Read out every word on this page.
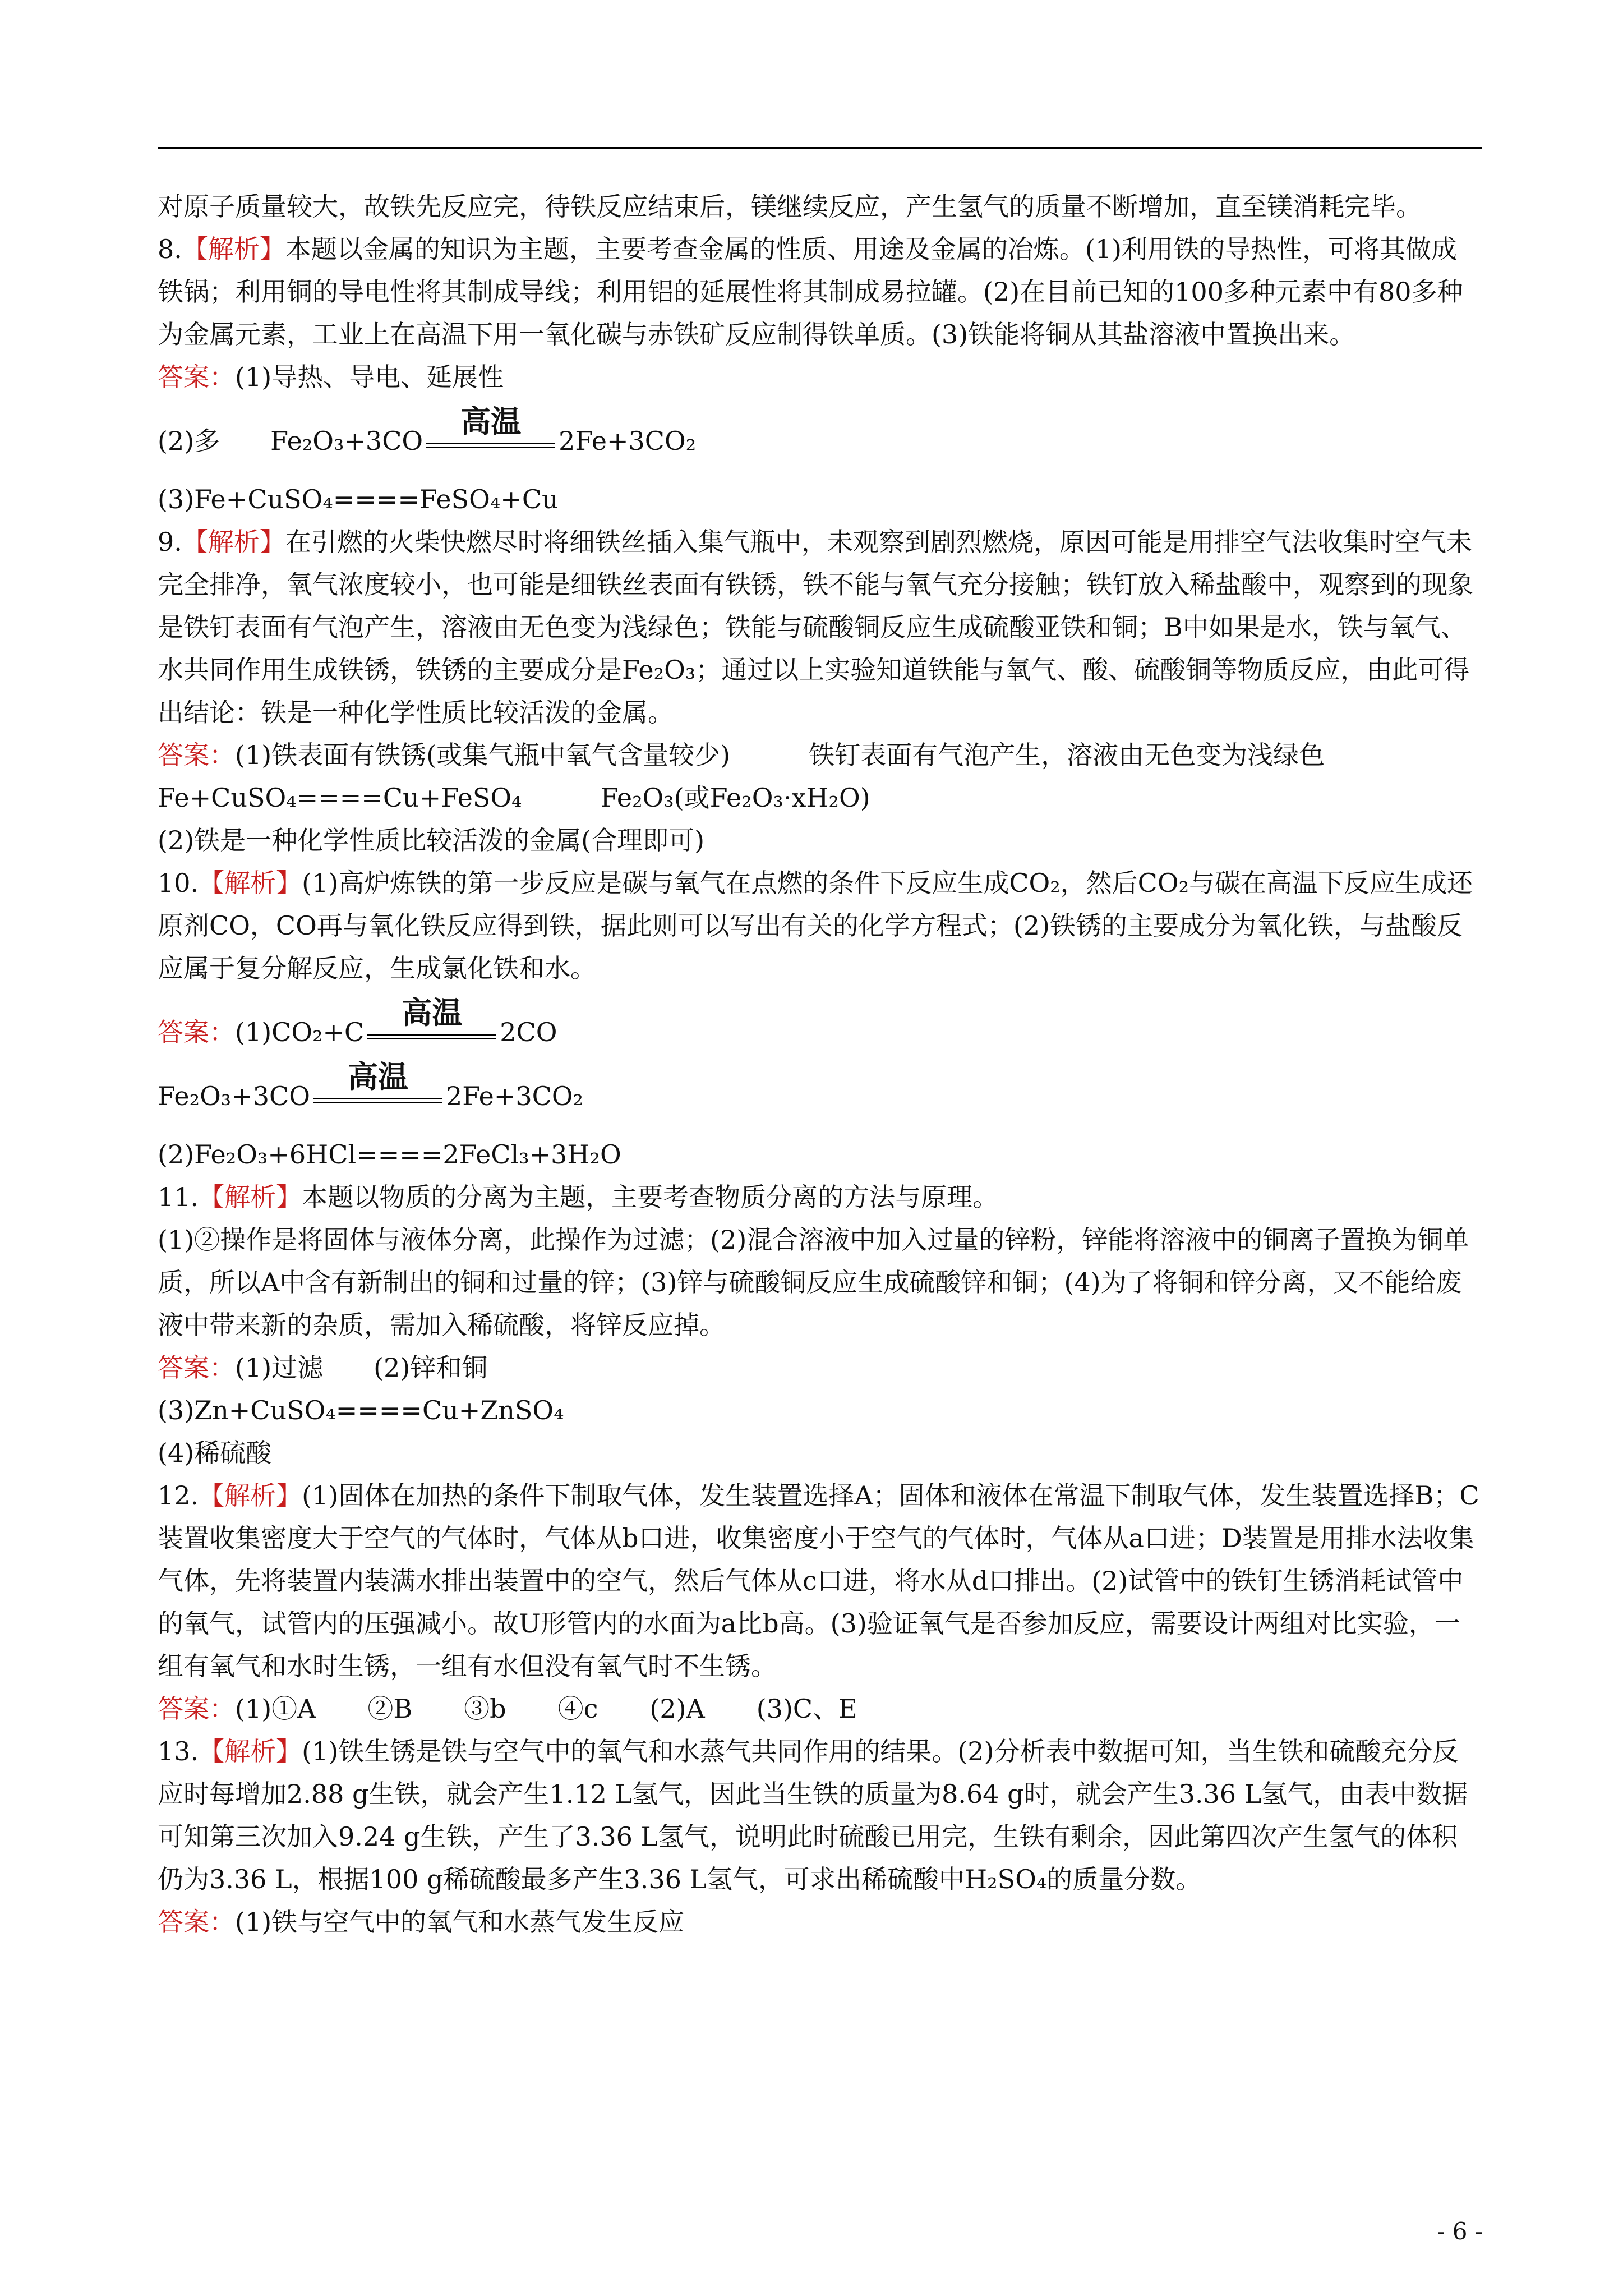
对原子质量较大，故铁先反应完，待铁反应结束后，镁继续反应，产生氢气的质量不断增加，直至镁消耗完毕。

8.【解析】本题以金属的知识为主题，主要考查金属的性质、用途及金属的冶炼。(1)利用铁的导热性，可将其做成铁锅；利用铜的导电性将其制成导线；利用铝的延展性将其制成易拉罐。(2)在目前已知的100多种元素中有80多种为金属元素，工业上在高温下用一氧化碳与赤铁矿反应制得铁单质。(3)铁能将铜从其盐溶液中置换出来。

答案：(1)导热、导电、延展性

(2)多 Fe₂O₃+3CO
高温
2Fe+3CO₂

(3)Fe+CuSO₄====FeSO₄+Cu

9.【解析】在引燃的火柴快燃尽时将细铁丝插入集气瓶中，未观察到剧烈燃烧，原因可能是用排空气法收集时空气未完全排净，氧气浓度较小，也可能是细铁丝表面有铁锈，铁不能与氧气充分接触；铁钉放入稀盐酸中，观察到的现象是铁钉表面有气泡产生，溶液由无色变为浅绿色；铁能与硫酸铜反应生成硫酸亚铁和铜；B中如果是水，铁与氧气、水共同作用生成铁锈，铁锈的主要成分是Fe₂O₃；通过以上实验知道铁能与氧气、酸、硫酸铜等物质反应，由此可得出结论：铁是一种化学性质比较活泼的金属。

答案：(1)铁表面有铁锈(或集气瓶中氧气含量较少)	铁钉表面有气泡产生，溶液由无色变为浅绿色

Fe+CuSO₄====Cu+FeSO₄	Fe₂O₃(或Fe₂O₃·xH₂O)

(2)铁是一种化学性质比较活泼的金属(合理即可)

10.【解析】(1)高炉炼铁的第一步反应是碳与氧气在点燃的条件下反应生成CO₂，然后CO₂与碳在高温下反应生成还原剂CO，CO再与氧化铁反应得到铁，据此则可以写出有关的化学方程式；(2)铁锈的主要成分为氧化铁，与盐酸反应属于复分解反应，生成氯化铁和水。

答案：(1)CO₂+C
高温
2CO

Fe₂O₃+3CO
高温
2Fe+3CO₂

(2)Fe₂O₃+6HCl====2FeCl₃+3H₂O

11.【解析】本题以物质的分离为主题，主要考查物质分离的方法与原理。

(1)②操作是将固体与液体分离，此操作为过滤；(2)混合溶液中加入过量的锌粉，锌能将溶液中的铜离子置换为铜单质，所以A中含有新制出的铜和过量的锌；(3)锌与硫酸铜反应生成硫酸锌和铜；(4)为了将铜和锌分离，又不能给废液中带来新的杂质，需加入稀硫酸，将锌反应掉。

答案：(1)过滤 (2)锌和铜

(3)Zn+CuSO₄====Cu+ZnSO₄

(4)稀硫酸

12.【解析】(1)固体在加热的条件下制取气体，发生装置选择A；固体和液体在常温下制取气体，发生装置选择B；C装置收集密度大于空气的气体时，气体从b口进，收集密度小于空气的气体时，气体从a口进；D装置是用排水法收集气体，先将装置内装满水排出装置中的空气，然后气体从c口进，将水从d口排出。(2)试管中的铁钉生锈消耗试管中的氧气，试管内的压强减小。故U形管内的水面为a比b高。(3)验证氧气是否参加反应，需要设计两组对比实验，一组有氧气和水时生锈，一组有水但没有氧气时不生锈。

答案：(1)①A　　②B　　③b　　④c　　(2)A　　(3)C、E

13.【解析】(1)铁生锈是铁与空气中的氧气和水蒸气共同作用的结果。(2)分析表中数据可知，当生铁和硫酸充分反应时每增加2.88 g生铁，就会产生1.12 L氢气，因此当生铁的质量为8.64 g时，就会产生3.36 L氢气，由表中数据可知第三次加入9.24 g生铁，产生了3.36 L氢气，说明此时硫酸已用完，生铁有剩余，因此第四次产生氢气的体积仍为3.36 L，根据100 g稀硫酸最多产生3.36 L氢气，可求出稀硫酸中H₂SO₄的质量分数。

答案：(1)铁与空气中的氧气和水蒸气发生反应

- 6 -
